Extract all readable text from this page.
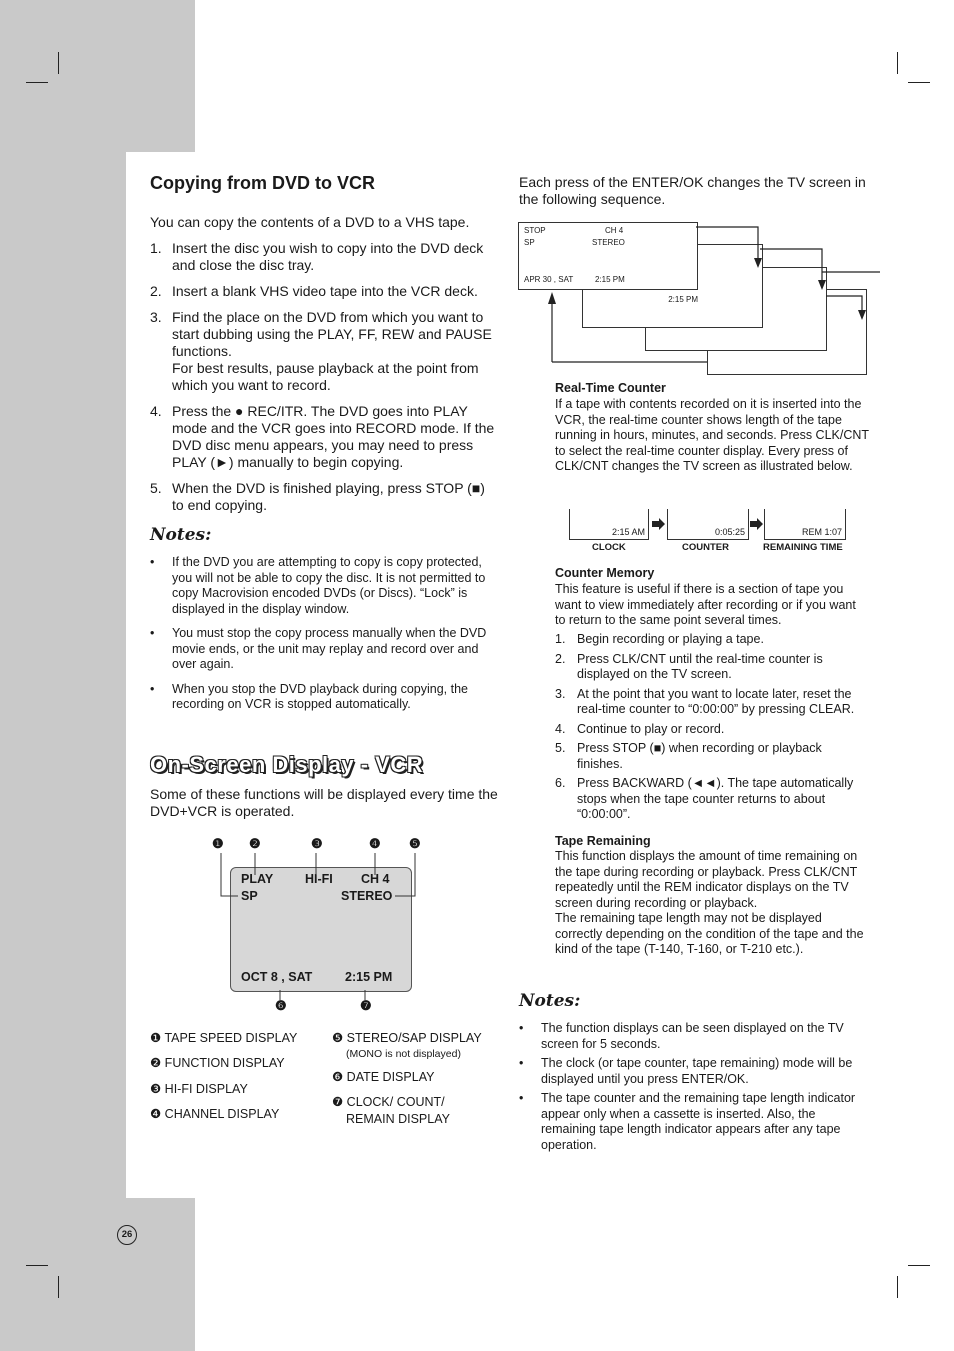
Copying from DVD to VCR
You can copy the contents of a DVD to a VHS tape.
1. Insert the disc you wish to copy into the DVD deck and close the disc tray.
2. Insert a blank VHS video tape into the VCR deck.
3. Find the place on the DVD from which you want to start dubbing using the PLAY, FF, REW and PAUSE functions.
For best results, pause playback at the point from which you want to record.
4. Press the ● REC/ITR. The DVD goes into PLAY mode and the VCR goes into RECORD mode. If the DVD disc menu appears, you may need to press PLAY (►) manually to begin copying.
5. When the DVD is finished playing, press STOP (■) to end copying.
Notes:
• If the DVD you are attempting to copy is copy protected, you will not be able to copy the disc. It is not permitted to copy Macrovision encoded DVDs (or Discs). “Lock” is displayed in the display window.
• You must stop the copy process manually when the DVD movie ends, or the unit may replay and record over and over again.
• When you stop the DVD playback during copying, the recording on VCR is stopped automatically.
On-Screen Display - VCR
Some of these functions will be displayed every time the DVD+VCR is operated.
❶ ❷	❸	❹ ❺
PLAY	HI-FI CH 4
SP	STEREO
OCT 8 , SAT	2:15 PM
❻	❼
❶ TAPE SPEED DISPLAY
❷ FUNCTION DISPLAY
❸ HI-FI DISPLAY
❹ CHANNEL DISPLAY
❺ STEREO/SAP DISPLAY
(MONO is not displayed)
❻ DATE DISPLAY
❼ CLOCK/ COUNT/
REMAIN DISPLAY
Each press of the ENTER/OK changes the TV screen in the following sequence.
2:15 PM
STOP	CH 4
SP	STEREO
APR 30 , SAT	2:15 PM
Real-Time Counter
If a tape with contents recorded on it is inserted into the VCR, the real-time counter shows length of the tape running in hours, minutes, and seconds. Press CLK/CNT to select the real-time counter display. Every press of CLK/CNT changes the TV screen as illustrated below.
2:15 AM	0:05:25	REM 1:07
CLOCK	COUNTER	REMAINING TIME
Counter Memory
This feature is useful if there is a section of tape you want to view immediately after recording or if you want to return to the same point several times.
1. Begin recording or playing a tape.
2. Press CLK/CNT until the real-time counter is displayed on the TV screen.
3. At the point that you want to locate later, reset the real-time counter to “0:00:00” by pressing CLEAR.
4. Continue to play or record.
5. Press STOP (■) when recording or playback finishes.
6. Press BACKWARD (◄◄). The tape automatically stops when the tape counter returns to about “0:00:00”.
Tape Remaining
This function displays the amount of time remaining on the tape during recording or playback. Press CLK/CNT repeatedly until the REM indicator displays on the TV screen during recording or playback.
The remaining tape length may not be displayed correctly depending on the condition of the tape and the kind of the tape (T-140, T-160, or T-210 etc.).
Notes:
• The function displays can be seen displayed on the TV screen for 5 seconds.
• The clock (or tape counter, tape remaining) mode will be displayed until you press ENTER/OK.
• The tape counter and the remaining tape length indicator appear only when a cassette is inserted. Also, the remaining tape length indicator appears after any tape operation.
26
